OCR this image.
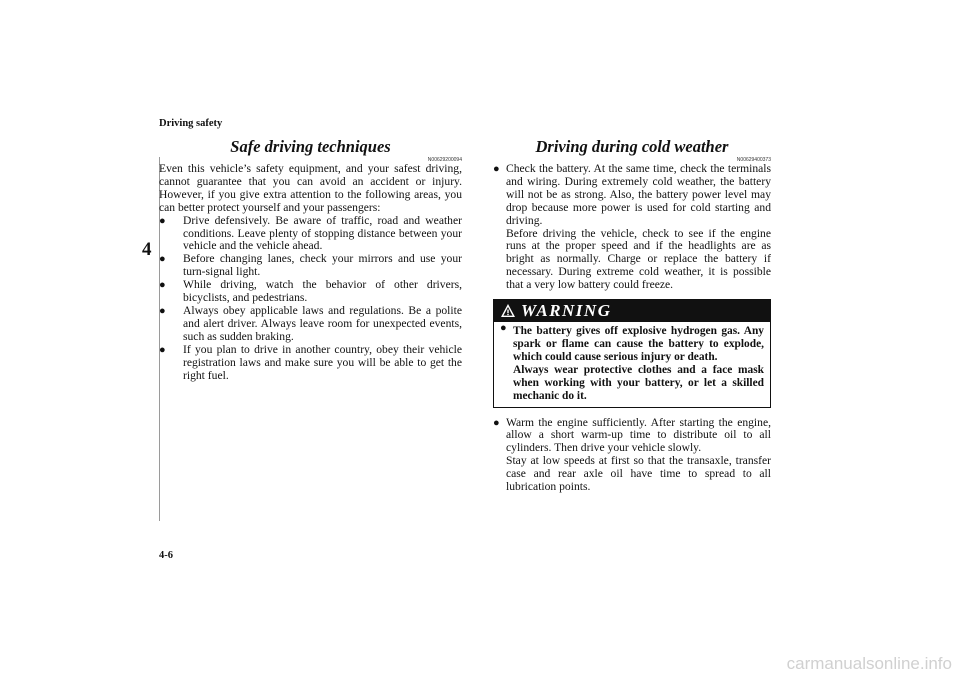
Driving safety
4
Safe driving techniques
N00629200094

Even this vehicle’s safety equipment, and your safest driving, cannot guarantee that you can avoid an accident or injury. However, if you give extra attention to the following areas, you can better protect yourself and your passengers:

● Drive defensively. Be aware of traffic, road and weather conditions. Leave plenty of stopping distance between your vehicle and the vehicle ahead.
● Before changing lanes, check your mirrors and use your turn-signal light.
● While driving, watch the behavior of other drivers, bicyclists, and pedestrians.
● Always obey applicable laws and regulations. Be a polite and alert driver. Always leave room for unexpected events, such as sudden braking.
● If you plan to drive in another country, obey their vehicle registration laws and make sure you will be able to get the right fuel.
Driving during cold weather
N00629400373
● Check the battery. At the same time, check the terminals and wiring. During extremely cold weather, the battery will not be as strong. Also, the battery power level may drop because more power is used for cold starting and driving.

Before driving the vehicle, check to see if the engine runs at the proper speed and if the headlights are as bright as normally. Charge or replace the battery if necessary. During extreme cold weather, it is possible that a very low battery could freeze.

WARNING
● The battery gives off explosive hydrogen gas. Any spark or flame can cause the battery to explode, which could cause serious injury or death.

Always wear protective clothes and a face mask when working with your battery, or let a skilled mechanic do it.

● Warm the engine sufficiently. After starting the engine, allow a short warm-up time to distribute oil to all cylinders. Then drive your vehicle slowly.

Stay at low speeds at first so that the transaxle, transfer case and rear axle oil have time to spread to all lubrication points.

4-6
carmanualsonline.info
